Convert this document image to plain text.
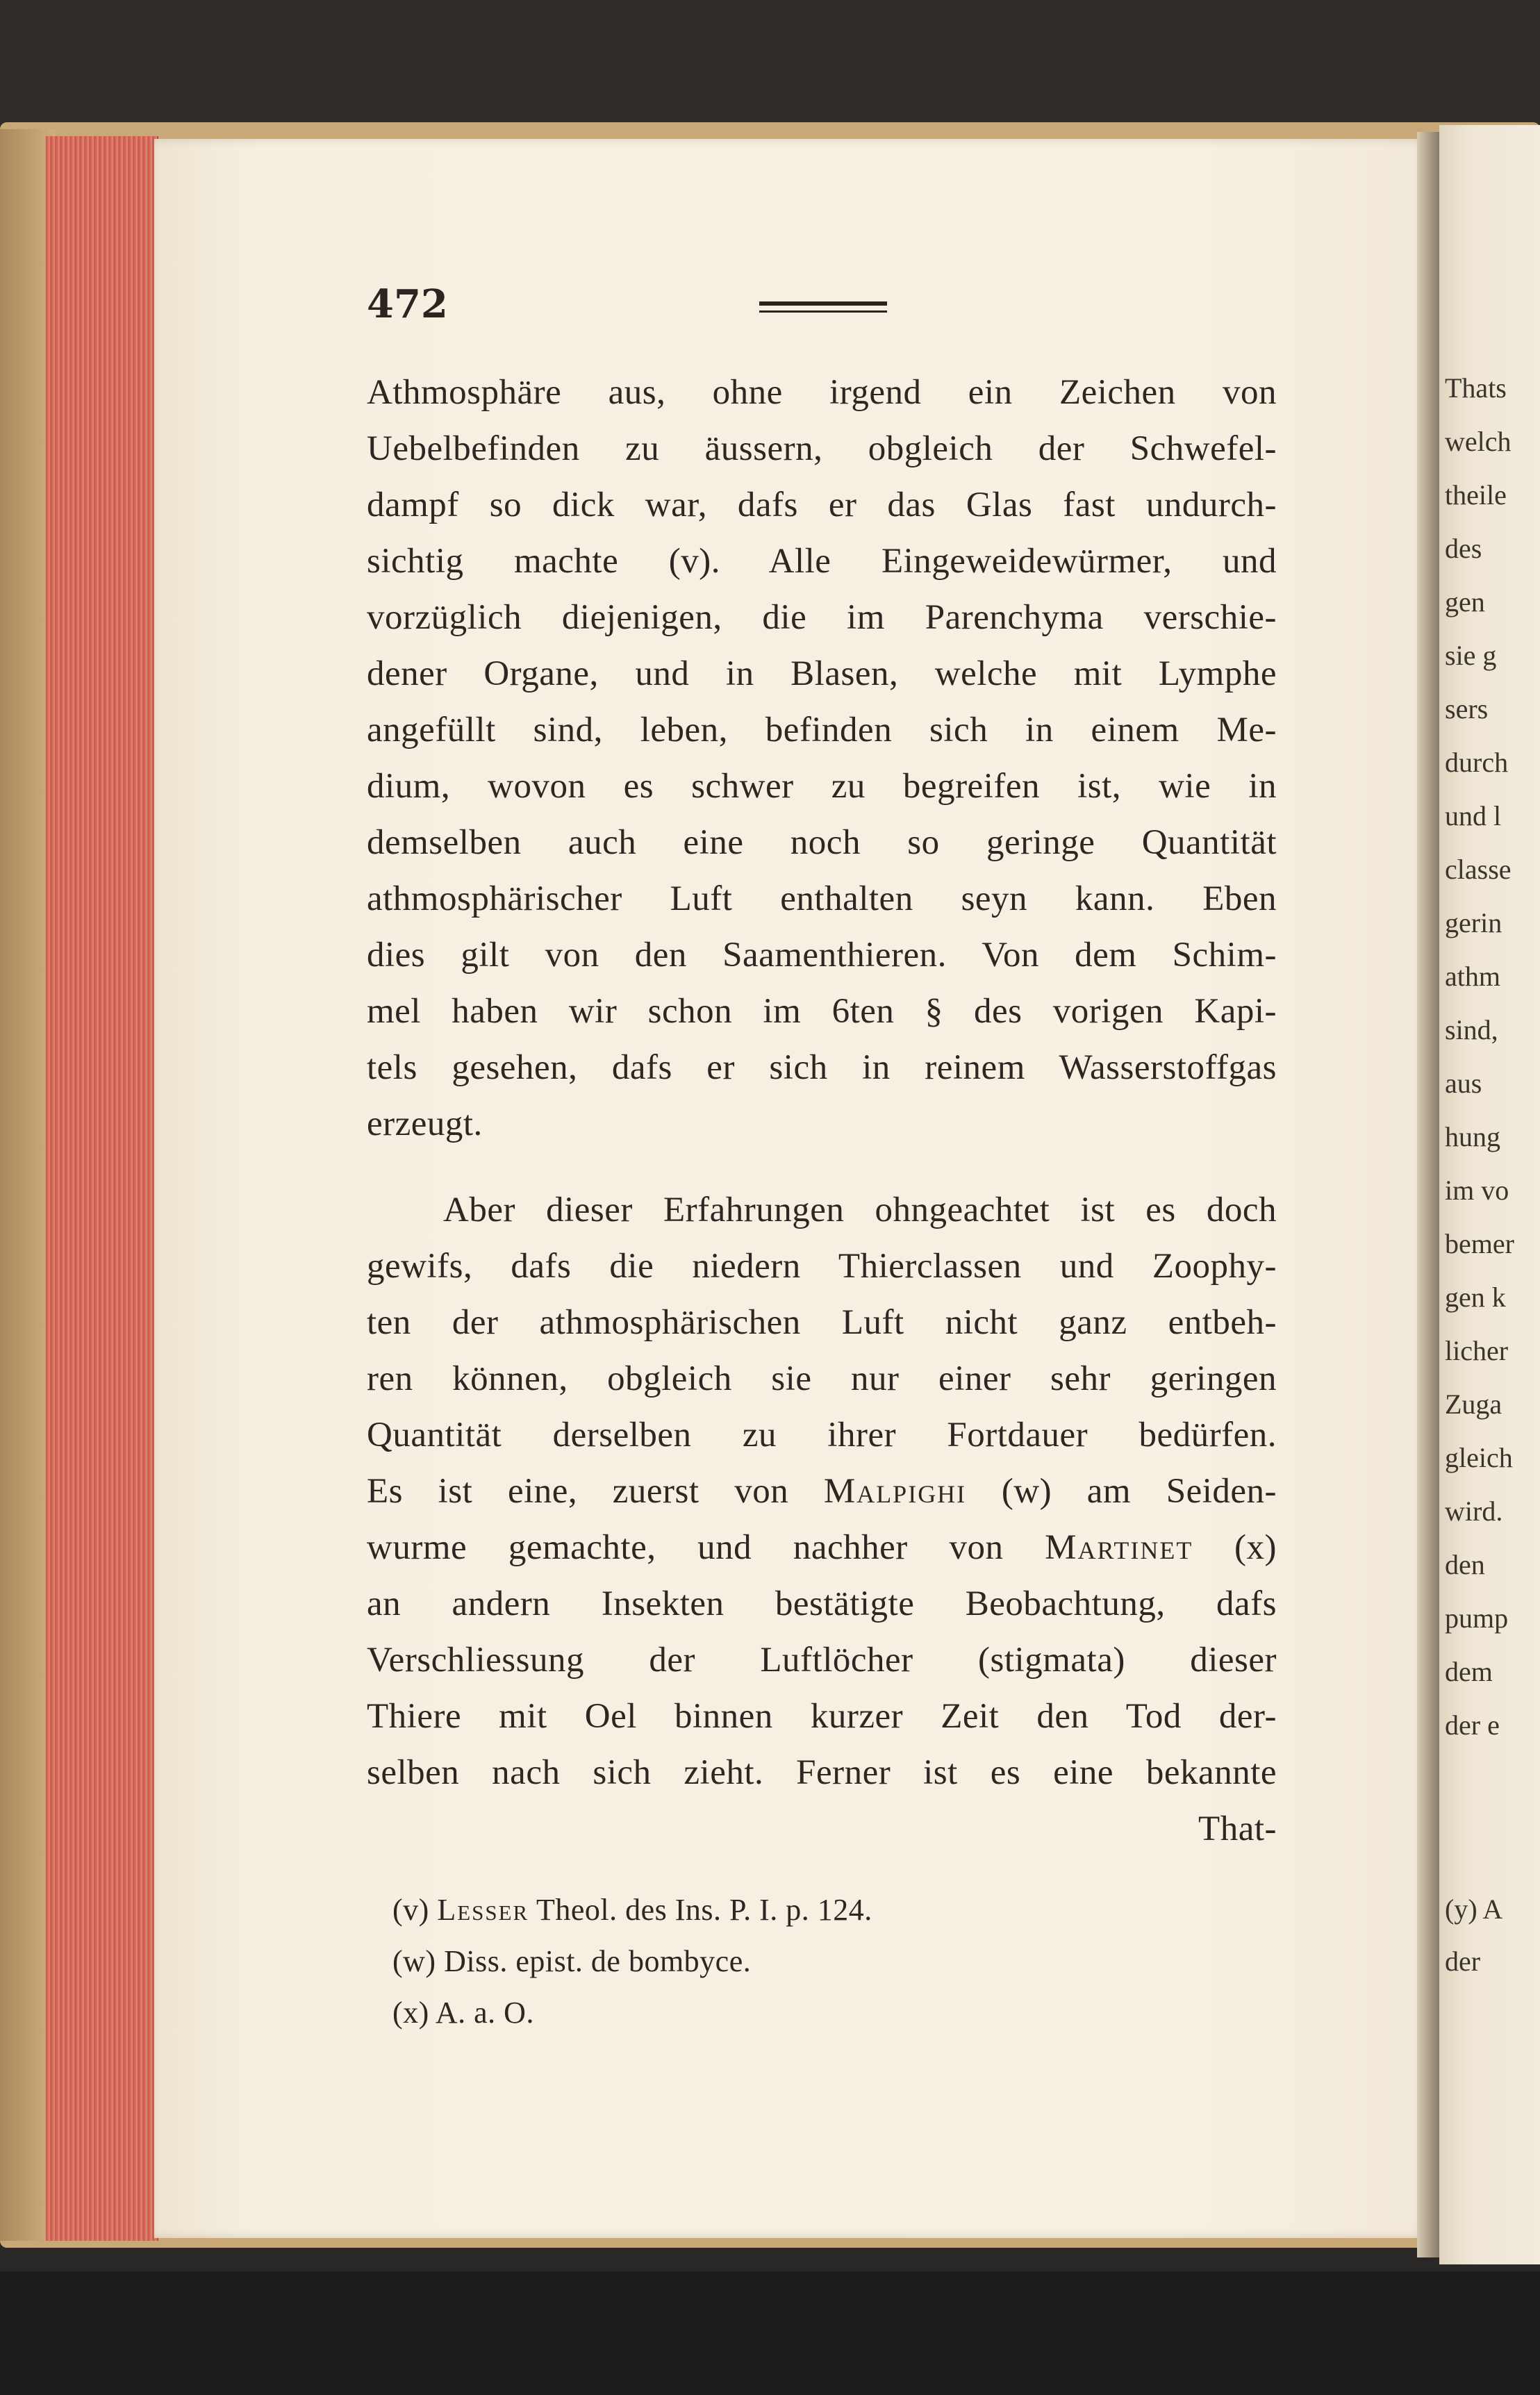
472
Athmosphäre aus, ohne irgend ein Zeichen von
Uebelbefinden zu äussern, obgleich der Schwefel-
dampf so dick war, dafs er das Glas fast undurch-
sichtig machte (v). Alle Eingeweidewürmer, und
vorzüglich diejenigen, die im Parenchyma verschie-
dener Organe, und in Blasen, welche mit Lymphe
angefüllt sind, leben, befinden sich in einem Me-
dium, wovon es schwer zu begreifen ist, wie in
demselben auch eine noch so geringe Quantität
athmosphärischer Luft enthalten seyn kann. Eben
dies gilt von den Saamenthieren. Von dem Schim-
mel haben wir schon im 6ten § des vorigen Kapi-
tels gesehen, dafs er sich in reinem Wasserstoffgas
erzeugt.
Aber dieser Erfahrungen ohngeachtet ist es doch
gewifs, dafs die niedern Thierclassen und Zoophy-
ten der athmosphärischen Luft nicht ganz entbeh-
ren können, obgleich sie nur einer sehr geringen
Quantität derselben zu ihrer Fortdauer bedürfen.
Es ist eine, zuerst von Malpighi (w) am Seiden-
wurme gemachte, und nachher von Martinet (x)
an andern Insekten bestätigte Beobachtung, dafs
Verschliessung der Luftlöcher (stigmata) dieser
Thiere mit Oel binnen kurzer Zeit den Tod der-
selben nach sich zieht. Ferner ist es eine bekannte
That-
(v) Lesser Theol. des Ins. P. I. p. 124.
(w) Diss. epist. de bombyce.
(x) A. a. O.
Thats
welch
theile
des
gen
sie g
sers
durch
und l
classe
gerin
athm
sind,
aus
hung
im vo
bemer
gen k
licher
Zuga
gleich
wird.
den
pump
dem
der e
(y) A
der
